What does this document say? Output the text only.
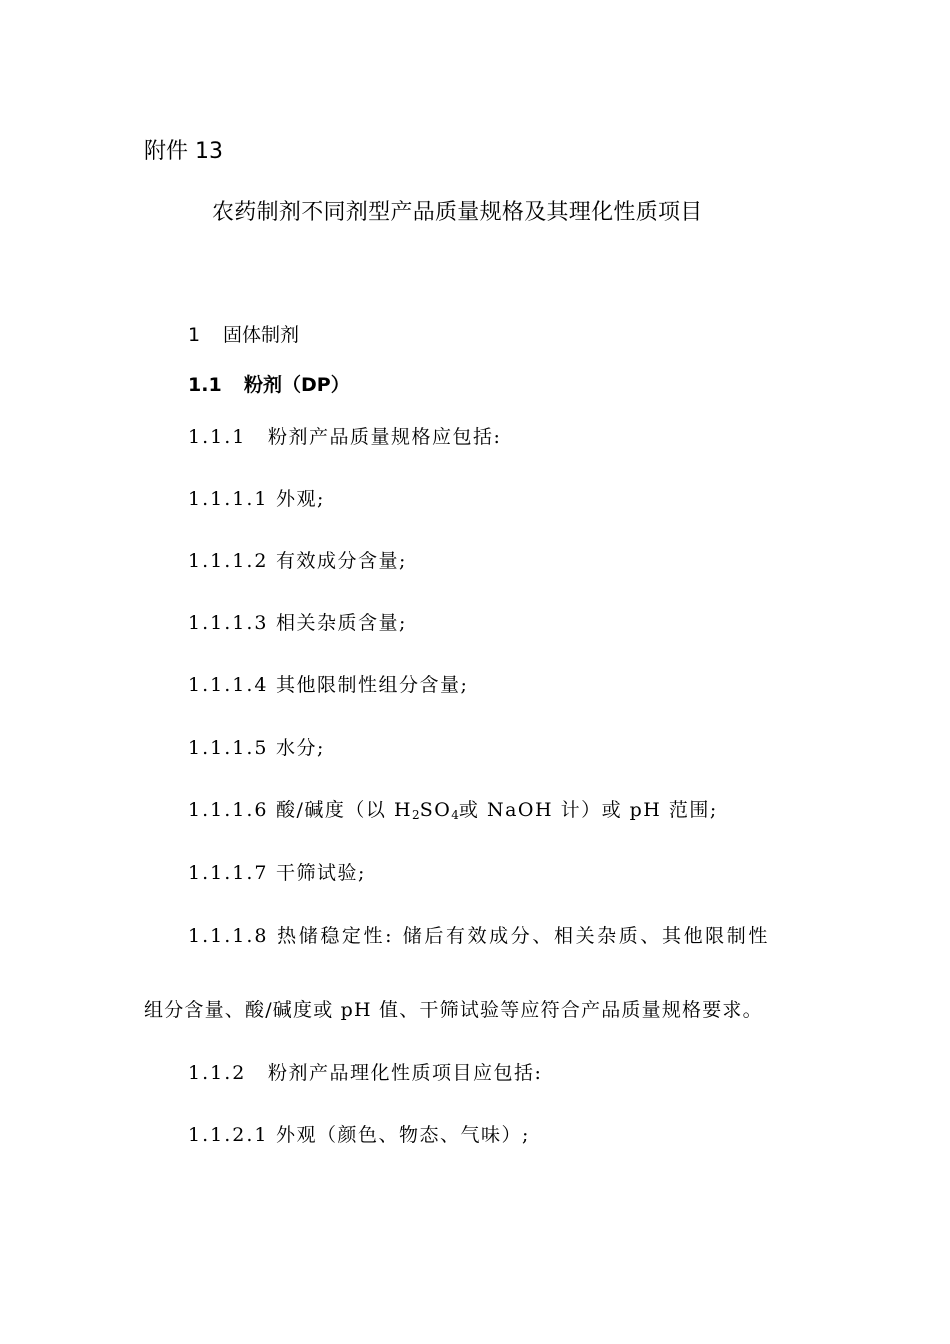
附件 13
农药制剂不同剂型产品质量规格及其理化性质项目
1 固体制剂
1.1 粉剂（DP）
1.1.1 粉剂产品质量规格应包括:
1.1.1.1 外观;
1.1.1.2 有效成分含量;
1.1.1.3 相关杂质含量;
1.1.1.4 其他限制性组分含量;
1.1.1.5 水分;
1.1.1.6 酸/碱度（以 $H_2SO_4$或 NaOH 计）或 pH 范围;
1.1.1.7 干筛试验;
1.1.1.8 热储稳定性: 储后有效成分、相关杂质、其他限制性
组分含量、酸/碱度或 pH 值、干筛试验等应符合产品质量规格要求。
1.1.2 粉剂产品理化性质项目应包括:
1.1.2.1 外观（颜色、物态、气味）;
